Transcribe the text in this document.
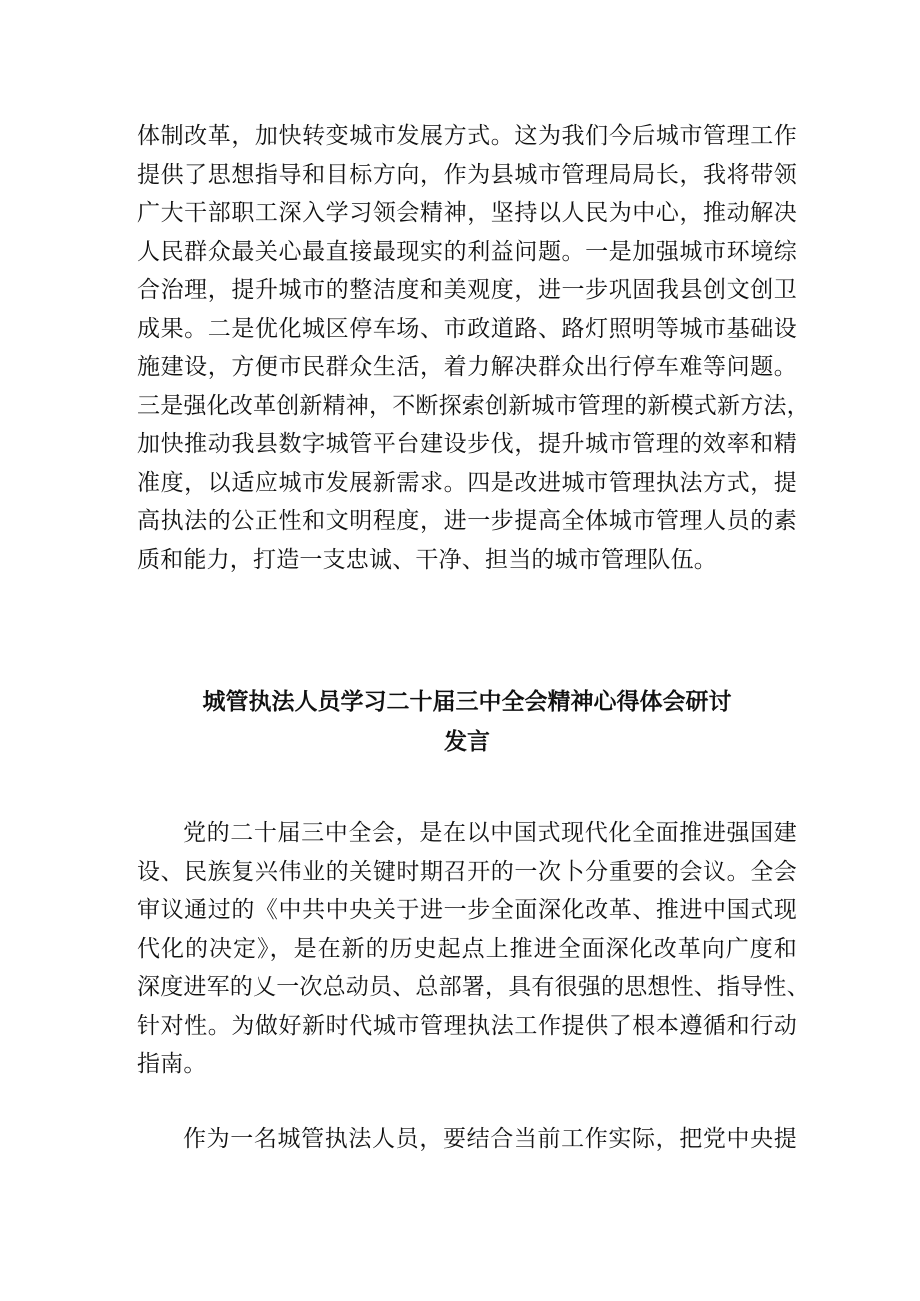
体制改革，加快转变城市发展方式。这为我们今后城市管理工作
提供了思想指导和目标方向，作为县城市管理局局长，我将带领
广大干部职工深入学习领会精神，坚持以人民为中心，推动解决
人民群众最关心最直接最现实的利益问题。一是加强城市环境综
合治理，提升城市的整洁度和美观度，进一步巩固我县创文创卫
成果。二是优化城区停车场、市政道路、路灯照明等城市基础设
施建设，方便市民群众生活，着力解决群众出行停车难等问题。
三是强化改革创新精神，不断探索创新城市管理的新模式新方法，
加快推动我县数字城管平台建设步伐，提升城市管理的效率和精
准度，以适应城市发展新需求。四是改进城市管理执法方式，提
高执法的公正性和文明程度，进一步提高全体城市管理人员的素
质和能力，打造一支忠诚、干净、担当的城市管理队伍。
城管执法人员学习二十届三中全会精神心得体会研讨
发言
党的二十届三中全会，是在以中国式现代化全面推进强国建
设、民族复兴伟业的关键时期召开的一次卜分重要的会议。全会
审议通过的《中共中央关于进一步全面深化改革、推进中国式现
代化的决定》，是在新的历史起点上推进全面深化改革向广度和
深度进军的乂一次总动员、总部署，具有很强的思想性、指导性、
针对性。为做好新时代城市管理执法工作提供了根本遵循和行动
指南。
作为一名城管执法人员，要结合当前工作实际，把党中央提
